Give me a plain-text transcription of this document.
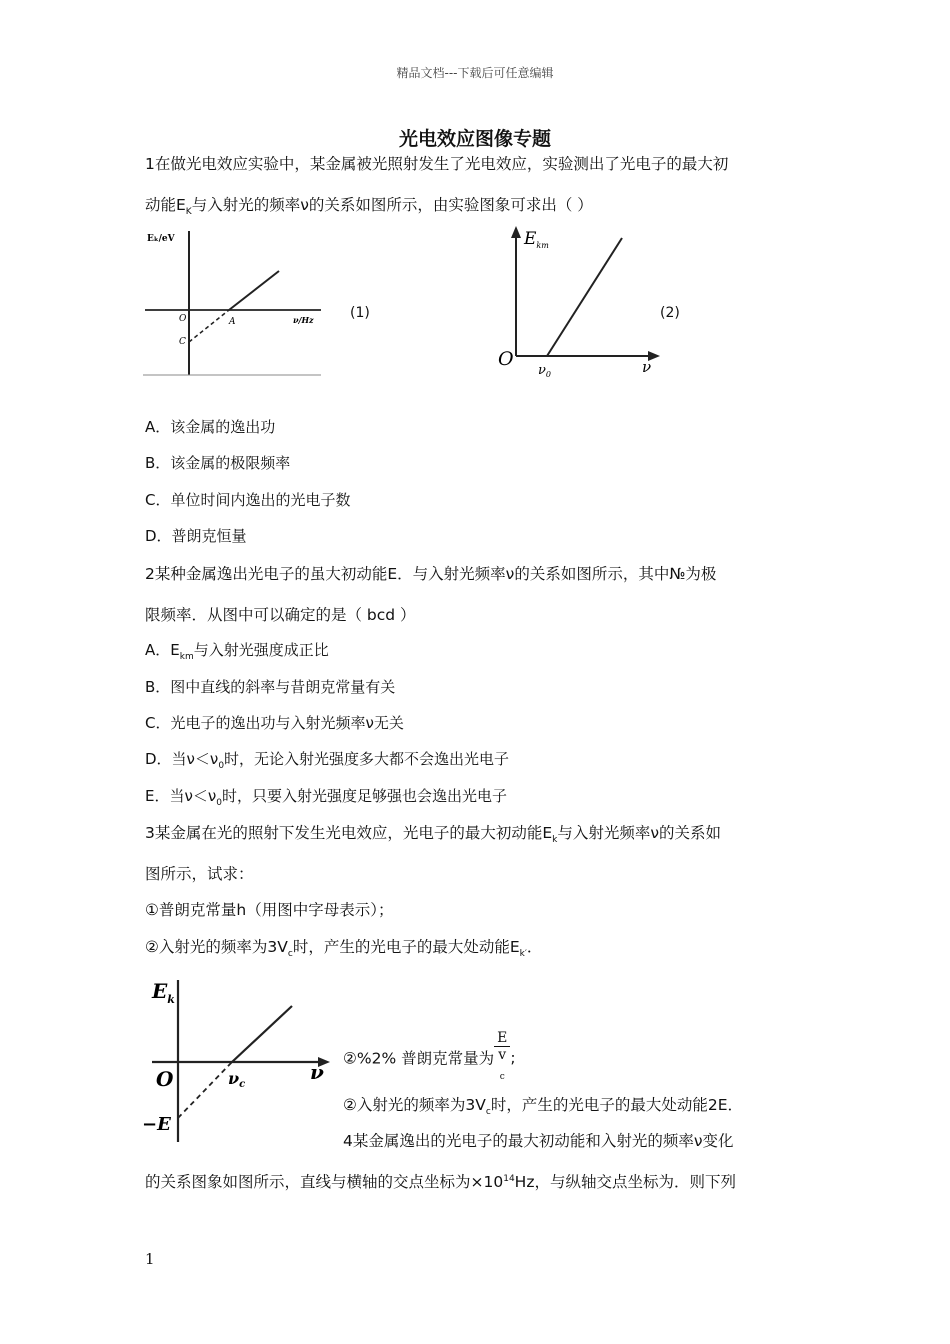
精品文档---下载后可任意编辑
光电效应图像专题
1在做光电效应实验中，某金属被光照射发生了光电效应，实验测出了光电子的最大初
动能$E_K$与入射光的频率ν的关系如图所示，由实验图象可求出（ ）
Eₖ/eV
ν/Hz
O	A
C
(1)
$E_{km}$
O
$\nu_0$	ν
(2)
A．该金属的逸出功
B．该金属的极限频率
C．单位时间内逸出的光电子数
D．普朗克恒量
2某种金属逸出光电子的虽大初动能E．与入射光频率ν的关系如图所示，其中№为极
限频率．从图中可以确定的是（ bcd ）
A．$E_{km}$与入射光强度成正比
B．图中直线的斜率与昔朗克常量有关
C．光电子的逸出功与入射光频率ν无关
D．当$\nu<\nu_0$时，无论入射光强度多大都不会逸出光电子
E．当$\nu<\nu_0$时，只要入射光强度足够强也会逸出光电子
3某金属在光的照射下发生光电效应，光电子的最大初动能$E_k$与入射光频率ν的关系如
图所示，试求：
①普朗克常量h（用图中字母表示）；
②入射光的频率为$3V_c$时，产生的光电子的最大处动能$E_{k'}$．
$E_k$
O	νc
ν
−E
②%2% 普朗克常量为 E
v
$_c$ ;
②入射光的频率为$3V_c$时，产生的光电子的最大处动能2E．
4某金属逸出的光电子的最大初动能和入射光的频率ν变化
的关系图象如图所示，直线与横轴的交点坐标为$\times 10^{14}Hz$，与纵轴交点坐标为．则下列
1
